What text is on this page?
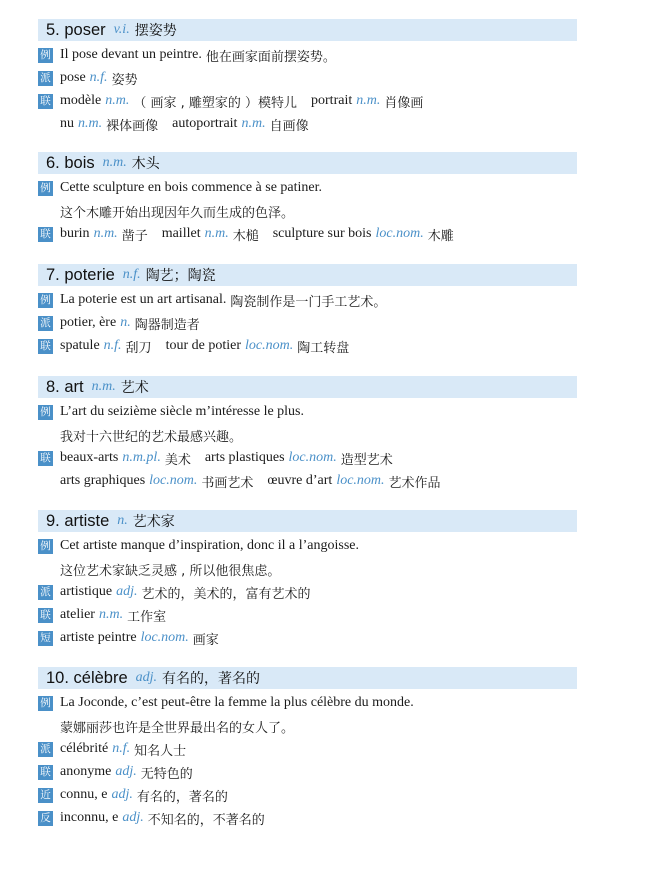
5. poser v.i. 摆姿势
例 Il pose devant un peintre. 他在画家面前摆姿势。
派 pose n.f. 姿势
联 modèle n.m. （ 画家 , 雕塑家的 ）模特儿 portrait n.m. 肖像画
nu n.m. 裸体画像 autoportrait n.m. 自画像
6. bois n.m. 木头
例 Cette sculpture en bois commence à se patiner.
这个木雕开始出现因年久而生成的色泽。
联 burin n.m. 凿子 maillet n.m. 木槌 sculpture sur bois loc.nom. 木雕
7. poterie n.f. 陶艺；陶瓷
例 La poterie est un art artisanal. 陶瓷制作是一门手工艺术。
派 potier, ère n. 陶器制造者
联 spatule n.f. 刮刀 tour de potier loc.nom. 陶工转盘
8. art n.m. 艺术
例 L’art du seizième siècle m’intéresse le plus.
我对十六世纪的艺术最感兴趣。
联 beaux-arts n.m.pl. 美术 arts plastiques loc.nom. 造型艺术
arts graphiques loc.nom. 书画艺术 œuvre d’art loc.nom. 艺术作品
9. artiste n. 艺术家
例 Cet artiste manque d’inspiration, donc il a l’angoisse.
这位艺术家缺乏灵感 , 所以他很焦虑。
派 artistique adj. 艺术的，美术的，富有艺术的
联 atelier n.m. 工作室
短 artiste peintre loc.nom. 画家
10. célèbre adj. 有名的，著名的
例 La Joconde, c’est peut-être la femme la plus célèbre du monde.
蒙娜丽莎也许是全世界最出名的女人了。
派 célébrité n.f. 知名人士
联 anonyme adj. 无特色的
近 connu, e adj. 有名的，著名的
反 inconnu, e adj. 不知名的，不著名的
